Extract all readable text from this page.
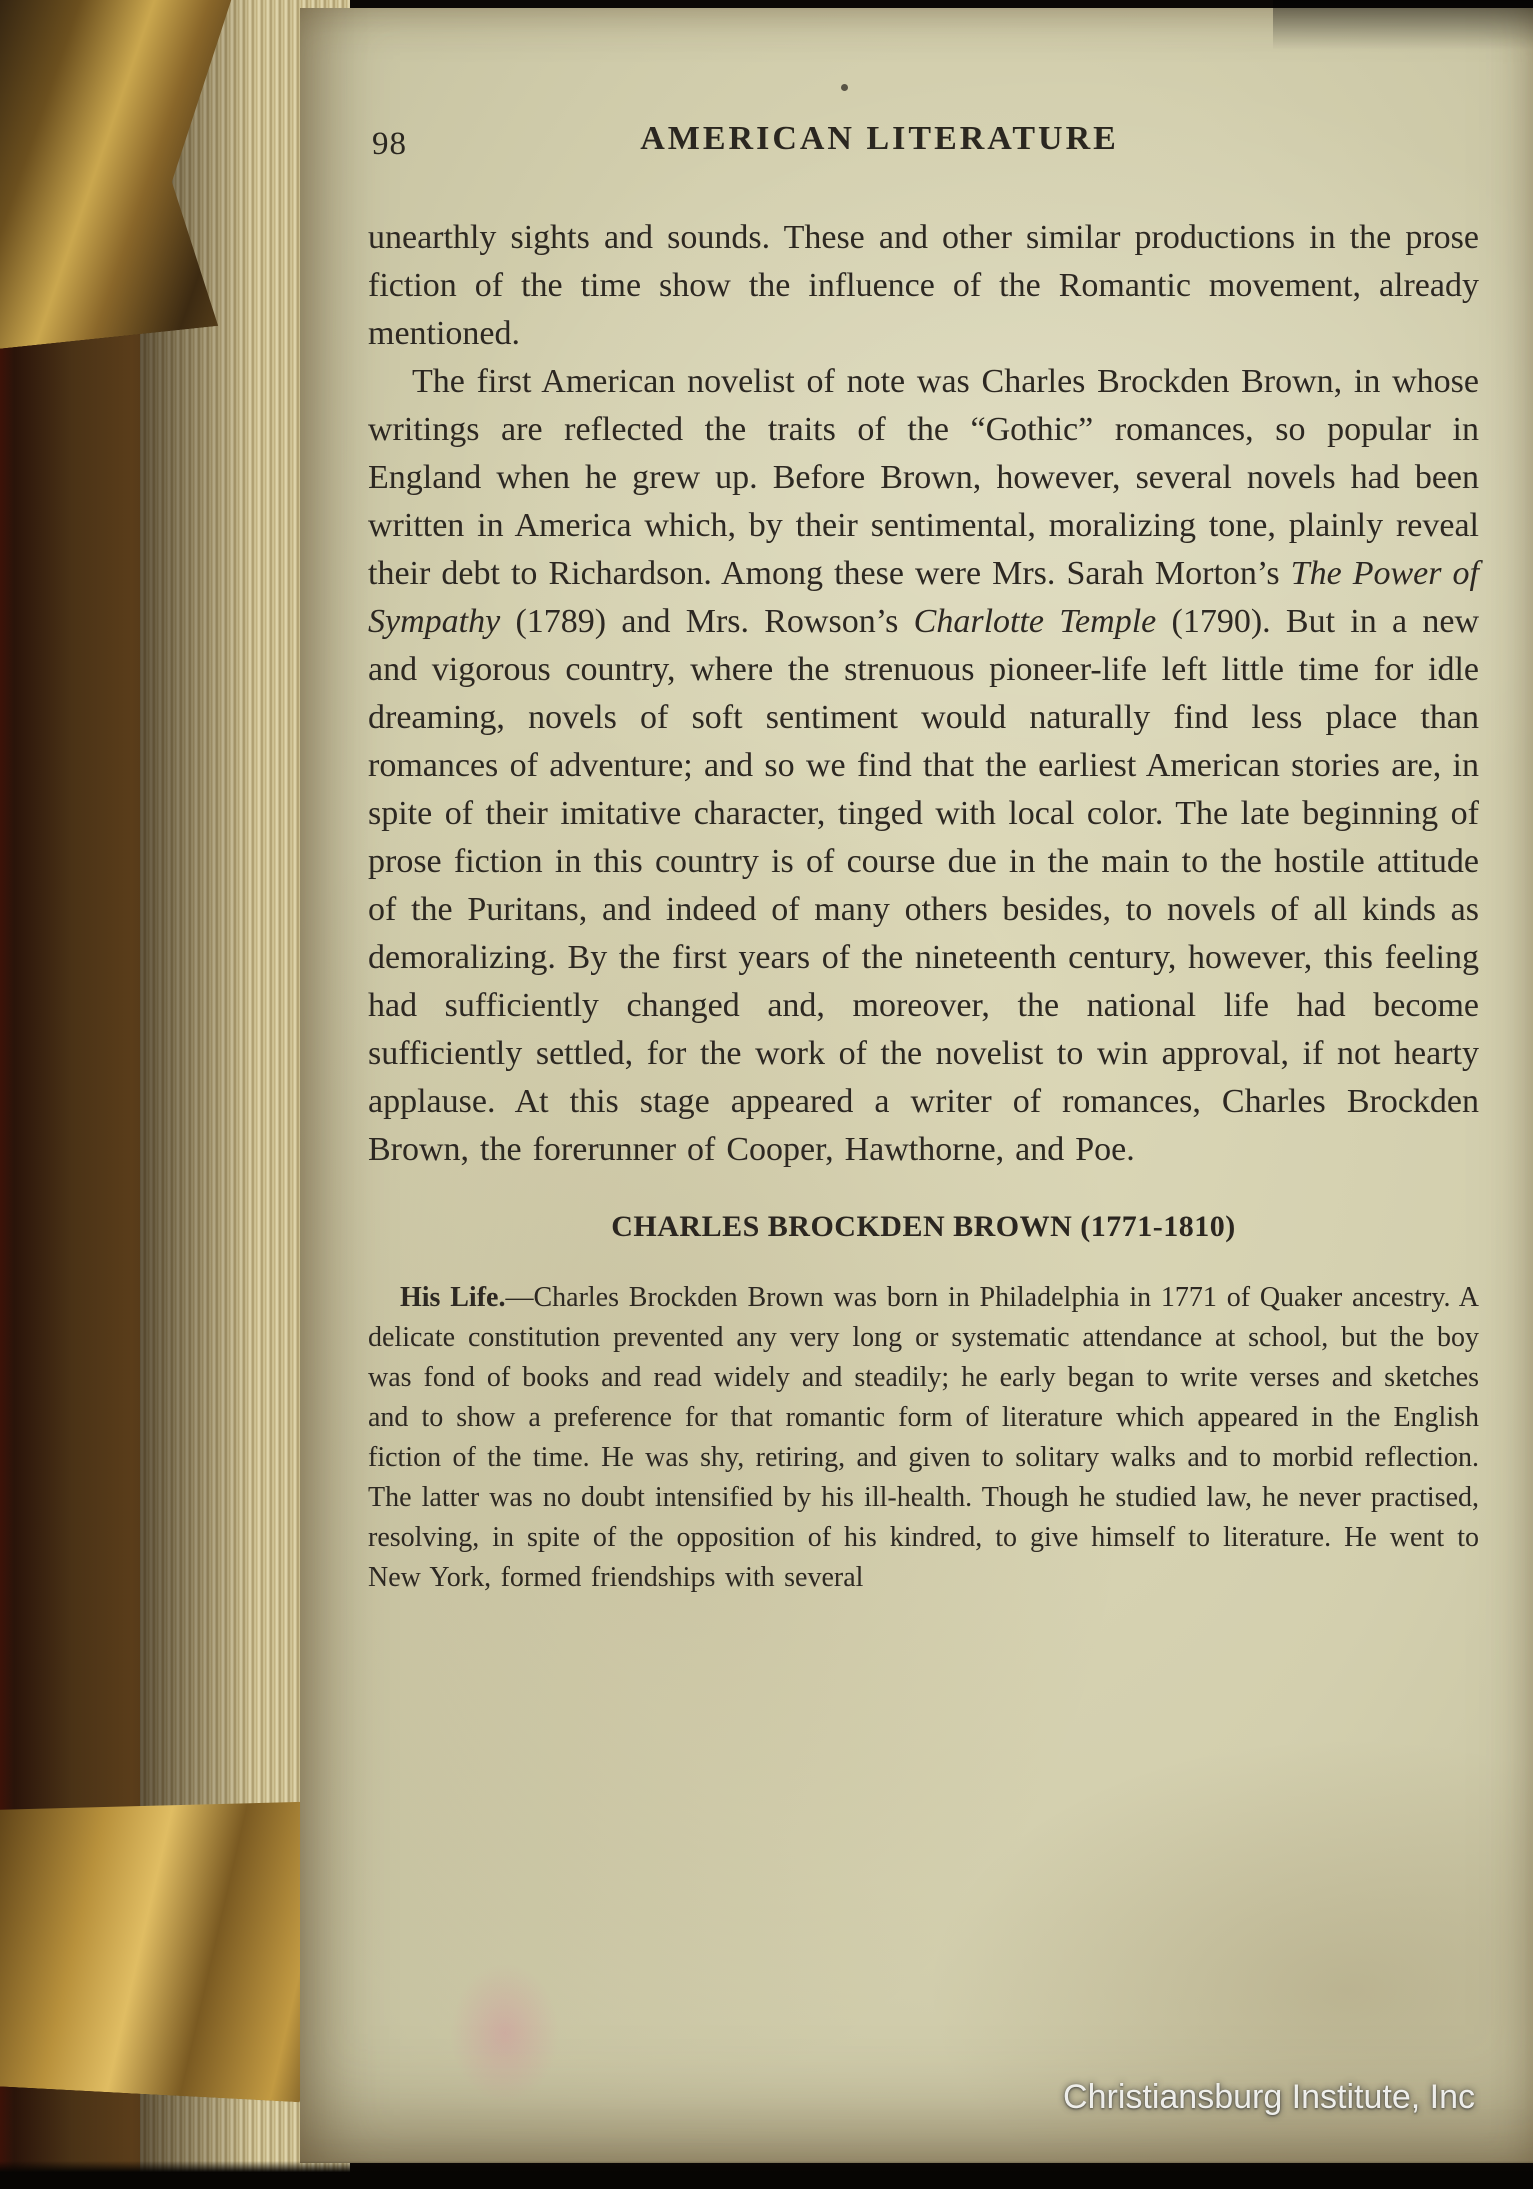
98	AMERICAN LITERATURE

unearthly sights and sounds. These and other similar productions in the prose fiction of the time show the influence of the Romantic movement, already mentioned.

The first American novelist of note was Charles Brockden Brown, in whose writings are reflected the traits of the “Gothic” romances, so popular in England when he grew up. Before Brown, however, several novels had been written in America which, by their sentimental, moralizing tone, plainly reveal their debt to Richardson. Among these were Mrs. Sarah Morton’s The Power of Sympathy (1789) and Mrs. Rowson’s Charlotte Temple (1790). But in a new and vigorous country, where the strenuous pioneer-life left little time for idle dreaming, novels of soft sentiment would naturally find less place than romances of adventure; and so we find that the earliest American stories are, in spite of their imitative character, tinged with local color. The late beginning of prose fiction in this country is of course due in the main to the hostile attitude of the Puritans, and indeed of many others besides, to novels of all kinds as demoralizing. By the first years of the nineteenth century, however, this feeling had sufficiently changed and, moreover, the national life had become sufficiently settled, for the work of the novelist to win approval, if not hearty applause. At this stage appeared a writer of romances, Charles Brockden Brown, the forerunner of Cooper, Hawthorne, and Poe.

CHARLES BROCKDEN BROWN (1771-1810)

His Life.—Charles Brockden Brown was born in Philadelphia in 1771 of Quaker ancestry. A delicate constitution prevented any very long or systematic attendance at school, but the boy was fond of books and read widely and steadily; he early began to write verses and sketches and to show a preference for that romantic form of literature which appeared in the English fiction of the time. He was shy, retiring, and given to solitary walks and to morbid reflection. The latter was no doubt intensified by his ill-health. Though he studied law, he never practised, resolving, in spite of the opposition of his kindred, to give himself to literature. He went to New York, formed friendships with several

Christiansburg Institute, Inc
